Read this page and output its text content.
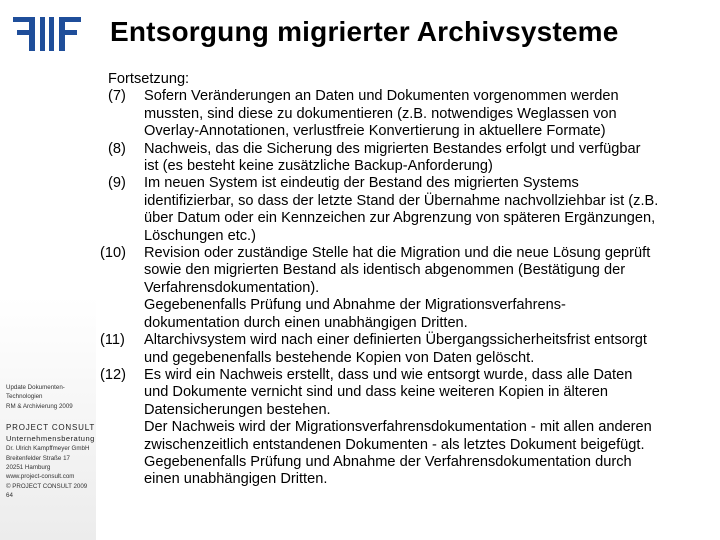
Update Dokumenten-
Technologien
RM & Archivierung 2009
PROJECT CONSULT
Unternehmensberatung
Dr. Ulrich Kampffmeyer GmbH
Breitenfelder Straße 17
20251 Hamburg
www.project-consult.com
© PROJECT CONSULT 2009
64
Entsorgung migrierter Archivsysteme
Fortsetzung:
(7) Sofern Veränderungen an Daten und Dokumenten vorgenommen werden
mussten, sind diese zu dokumentieren (z.B. notwendiges Weglassen von
Overlay-Annotationen, verlustfreie Konvertierung in aktuellere Formate)
(8) Nachweis, das die Sicherung des migrierten Bestandes erfolgt und verfügbar
ist (es besteht keine zusätzliche Backup-Anforderung)
(9) Im neuen System ist eindeutig der Bestand des migrierten Systems
identifizierbar, so dass der letzte Stand der Übernahme nachvollziehbar ist (z.B.
über Datum oder ein Kennzeichen zur Abgrenzung von späteren Ergänzungen,
Löschungen etc.)
(10) Revision oder zuständige Stelle hat die Migration und die neue Lösung geprüft
sowie den migrierten Bestand als identisch abgenommen (Bestätigung der
Verfahrensdokumentation).
Gegebenenfalls Prüfung und Abnahme der Migrationsverfahrens-
dokumentation durch einen unabhängigen Dritten.
(11) Altarchivsystem wird nach einer definierten Übergangssicherheitsfrist entsorgt
und gegebenenfalls bestehende Kopien von Daten gelöscht.
(12) Es wird ein Nachweis erstellt, dass und wie entsorgt wurde, dass alle Daten
und Dokumente vernicht sind und dass keine weiteren Kopien in älteren
Datensicherungen bestehen.
Der Nachweis wird der Migrationsverfahrensdokumentation - mit allen anderen
zwischenzeitlich entstandenen Dokumenten - als letztes Dokument beigefügt.
Gegebenenfalls Prüfung und Abnahme der Verfahrensdokumentation durch
einen unabhängigen Dritten.
